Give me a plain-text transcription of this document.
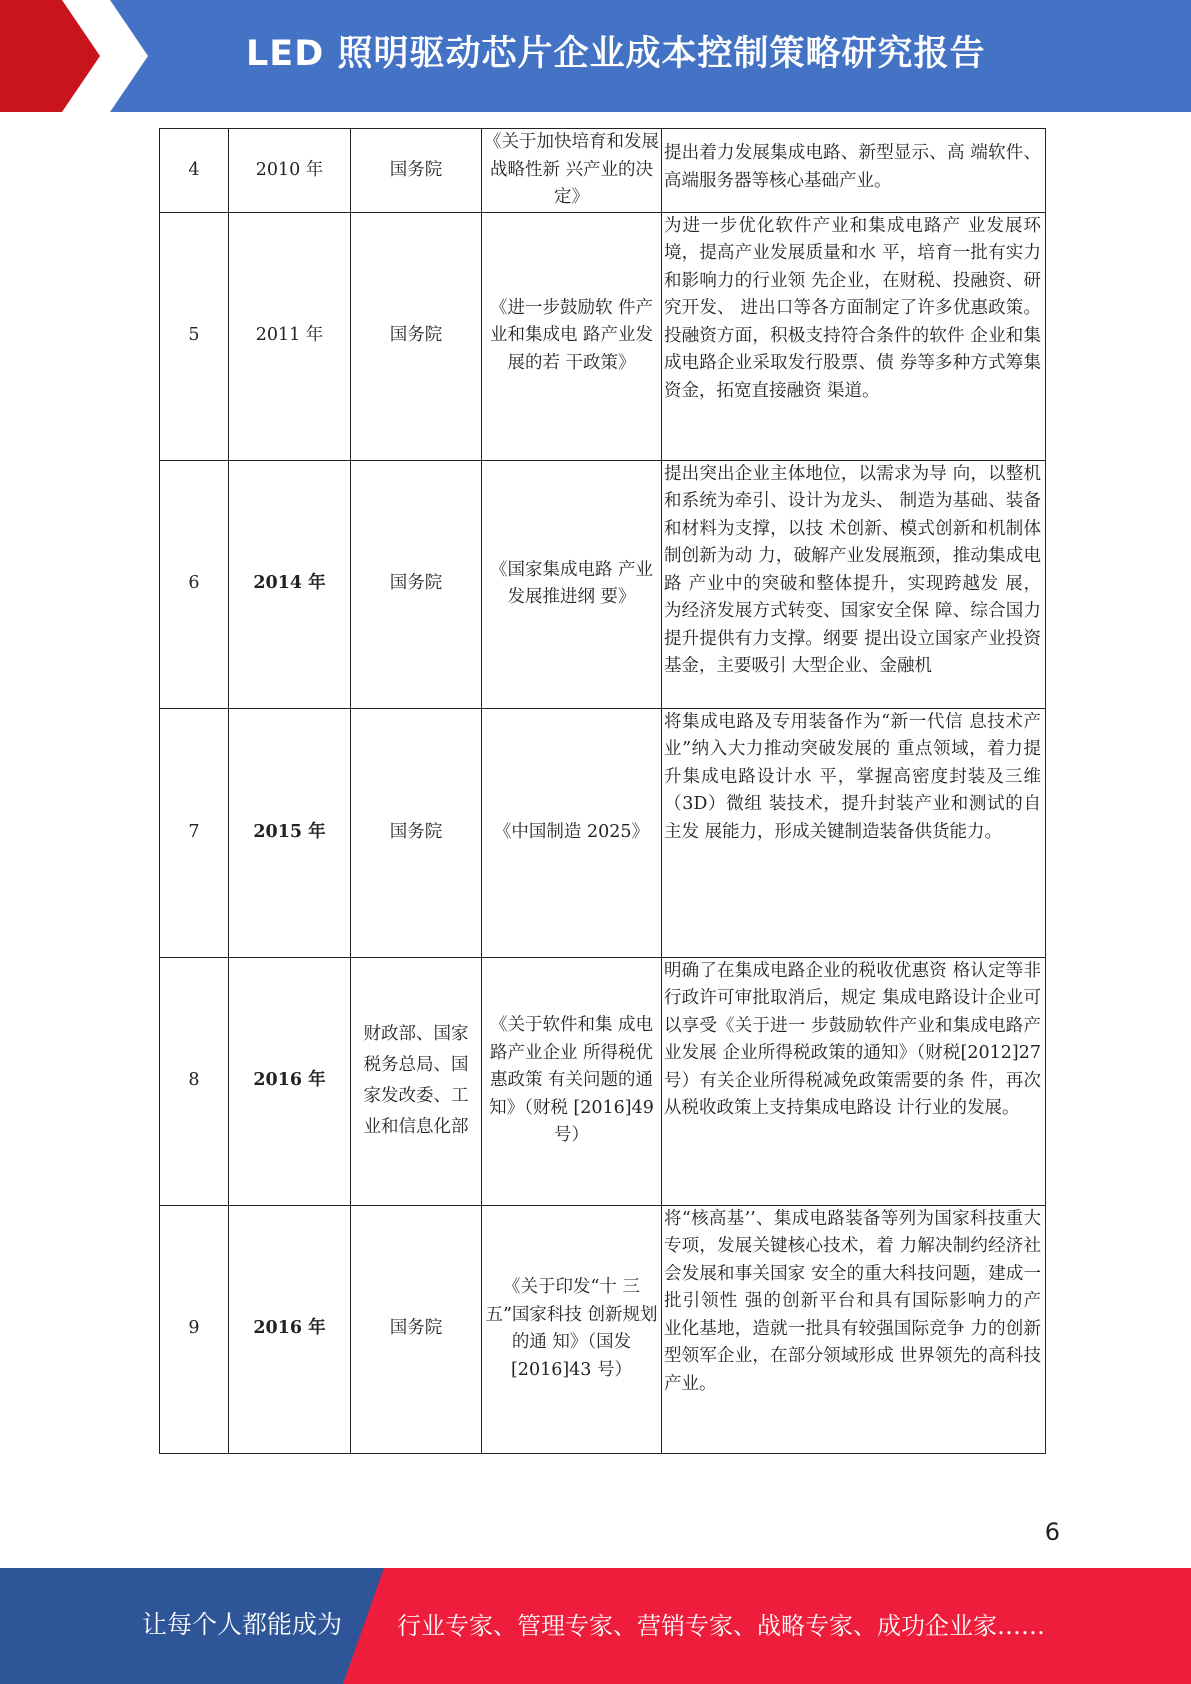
LED 照明驱动芯片企业成本控制策略研究报告
4	2010 年	国务院	《关于加快培育和发展战略性新 兴产业的决定》	提出着力发展集成电路、新型显示、高 端软件、高端服务器等核心基础产业。

5	2011 年	国务院	《进一步鼓励软 件产业和集成电 路产业发展的若 干政策》	为进一步优化软件产业和集成电路产 业发展环境，提高产业发展质量和水 平，培育一批有实力和影响力的行业领 先企业，在财税、投融资、研究开发、 进出口等各方面制定了许多优惠政策。 投融资方面，积极支持符合条件的软件 企业和集成电路企业采取发行股票、债 券等多种方式筹集资金，拓宽直接融资 渠道。

6	2014 年	国务院	《国家集成电路 产业发展推进纲 要》	提出突出企业主体地位，以需求为导 向，以整机和系统为牵引、设计为龙头、 制造为基础、装备和材料为支撑，以技 术创新、模式创新和机制体制创新为动 力，破解产业发展瓶颈，推动集成电路 产业中的突破和整体提升，实现跨越发 展，为经济发展方式转变、国家安全保 障、综合国力提升提供有力支撑。纲要 提出设立国家产业投资基金，主要吸引 大型企业、金融机

7	2015 年	国务院	《中国制造 2025》	将集成电路及专用装备作为“新一代信 息技术产业”纳入大力推动突破发展的 重点领域，着力提升集成电路设计水 平，掌握高密度封装及三维（3D）微组 装技术，提升封装产业和测试的自主发 展能力，形成关键制造装备供货能力。

8	2016 年	财政部、国家税务总局、国家发改委、工业和信息化部	《关于软件和集 成电路产业企业 所得税优惠政策 有关问题的通 知》（财税 [2016]49 号）	明确了在集成电路企业的税收优惠资 格认定等非行政许可审批取消后，规定 集成电路设计企业可以享受《关于进一 步鼓励软件产业和集成电路产业发展 企业所得税政策的通知》（财税[2012]27 号）有关企业所得税减免政策需要的条 件，再次从税收政策上支持集成电路设 计行业的发展。

9	2016 年	国务院	《关于印发“十 三五”国家科技 创新规划的通 知》（国发 [2016]43 号）	将“核高基’’、集成电路装备等列为国家科技重大专项，发展关键核心技术，着 力解决制约经济社会发展和事关国家 安全的重大科技问题，建成一批引领性 强的创新平台和具有国际影响力的产 业化基地，造就一批具有较强国际竞争 力的创新型领军企业，在部分领域形成 世界领先的高科技产业。
6
让每个人都能成为 行业专家、管理专家、营销专家、战略专家、成功企业家……
